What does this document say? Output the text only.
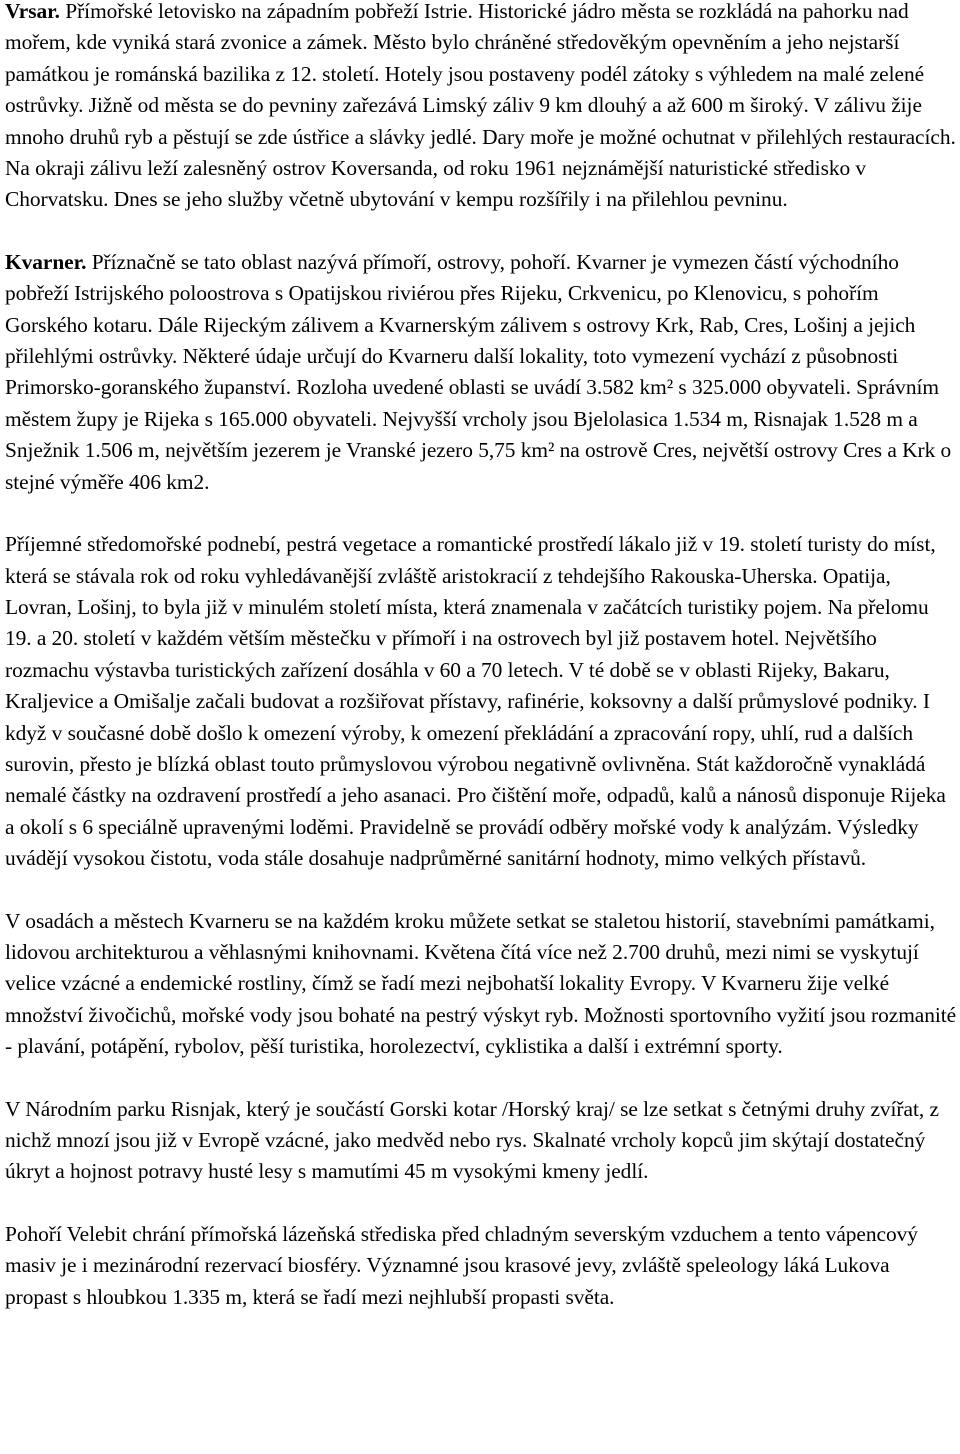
Vrsar. Přímořské letovisko na západním pobřeží Istrie. Historické jádro města se rozkládá na pahorku nad mořem, kde vyniká stará zvonice a zámek. Město bylo chráněné středověkým opevněním a jeho nejstarší památkou je románská bazilika z 12. století. Hotely jsou postaveny podél zátoky s výhledem na malé zelené ostrůvky. Jižně od města se do pevniny zařezává Limský záliv 9 km dlouhý a až 600 m široký. V zálivu žije mnoho druhů ryb a pěstují se zde ústřice a slávky jedlé. Dary moře je možné ochutnat v přilehlých restauracích. Na okraji zálivu leží zalesněný ostrov Koversanda, od roku 1961 nejznámější naturistické středisko v Chorvatsku. Dnes se jeho služby včetně ubytování v kempu rozšířily i na přilehlou pevninu.

Kvarner. Příznačně se tato oblast nazývá přímoří, ostrovy, pohoří. Kvarner je vymezen částí východního pobřeží Istrijského poloostrova s Opatijskou riviérou přes Rijeku, Crkvenicu, po Klenovicu, s pohořím Gorského kotaru. Dále Rijeckým zálivem a Kvarnerským zálivem s ostrovy Krk, Rab, Cres, Lošinj a jejich přilehlými ostrůvky. Některé údaje určují do Kvarneru další lokality, toto vymezení vychází z působnosti Primorsko-goranského županství. Rozloha uvedené oblasti se uvádí 3.582 km² s 325.000 obyvateli. Správním městem župy je Rijeka s 165.000 obyvateli. Nejvyšší vrcholy jsou Bjelolasica 1.534 m, Risnajak 1.528 m a Snježnik 1.506 m, největším jezerem je Vranské jezero 5,75 km² na ostrově Cres, největší ostrovy Cres a Krk o stejné výměře 406 km2.

Příjemné středomořské podnebí, pestrá vegetace a romantické prostředí lákalo již v 19. století turisty do míst, která se stávala rok od roku vyhledávanější zvláště aristokracií z tehdejšího Rakouska-Uherska. Opatija, Lovran, Lošinj, to byla již v minulém století místa, která znamenala v začátcích turistiky pojem. Na přelomu 19. a 20. století v každém větším městečku v přímoří i na ostrovech byl již postavem hotel. Největšího rozmachu výstavba turistických zařízení dosáhla v 60 a 70 letech. V té době se v oblasti Rijeky, Bakaru, Kraljevice a Omišalje začali budovat a rozšiřovat přístavy, rafinérie, koksovny a další průmyslové podniky. I když v současné době došlo k omezení výroby, k omezení překládání a zpracování ropy, uhlí, rud a dalších surovin, přesto je blízká oblast touto průmyslovou výrobou negativně ovlivněna. Stát každoročně vynakládá nemalé částky na ozdravení prostředí a jeho asanaci. Pro čištění moře, odpadů, kalů a nánosů disponuje Rijeka a okolí s 6 speciálně upravenými loděmi. Pravidelně se provádí odběry mořské vody k analýzám. Výsledky uvádějí vysokou čistotu, voda stále dosahuje nadprůměrné sanitární hodnoty, mimo velkých přístavů.

V osadách a městech Kvarneru se na každém kroku můžete setkat se staletou historií, stavebními památkami, lidovou architekturou a věhlasnými knihovnami. Květena čítá více než 2.700 druhů, mezi nimi se vyskytují velice vzácné a endemické rostliny, čímž se řadí mezi nejbohatší lokality Evropy. V Kvarneru žije velké množství živočichů, mořské vody jsou bohaté na pestrý výskyt ryb. Možnosti sportovního vyžití jsou rozmanité - plavání, potápění, rybolov, pěší turistika, horolezectví, cyklistika a další i extrémní sporty.

V Národním parku Risnjak, který je součástí Gorski kotar /Horský kraj/ se lze setkat s četnými druhy zvířat, z nichž mnozí jsou již v Evropě vzácné, jako medvěd nebo rys. Skalnaté vrcholy kopců jim skýtají dostatečný úkryt a hojnost potravy husté lesy s mamutími 45 m vysokými kmeny jedlí.

Pohoří Velebit chrání přímořská lázeňská střediska před chladným severským vzduchem a tento vápencový masiv je i mezinárodní rezervací biosféry. Významné jsou krasové jevy, zvláště speleology láká Lukova propast s hloubkou 1.335 m, která se řadí mezi nejhlubší propasti světa.
